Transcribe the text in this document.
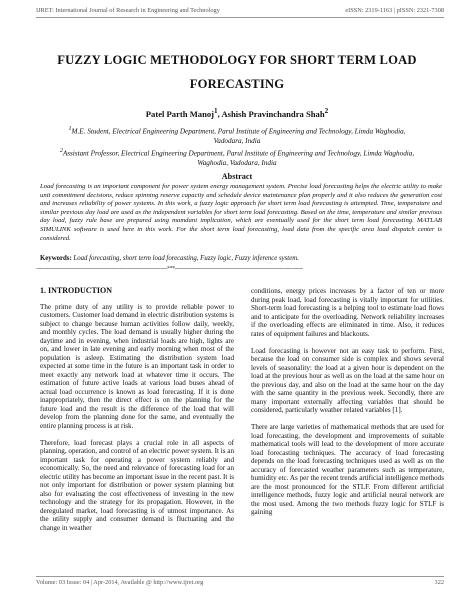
IJRET: International Journal of Research in Engineering and Technology	eISSN: 2319-1163 | pISSN: 2321-7308
FUZZY LOGIC METHODOLOGY FOR SHORT TERM LOAD
FORECASTING
Patel Parth Manoj$^1$, Ashish Pravinchandra Shah$^2$
$^1$M.E. Student, Electrical Engineering Department, Parul Institute of Engineering and Technology, Limda Waghodia,
Vadodara, India
$^2$Assistant Professor, Electrical Engineering Department, Parul Institute of Engineering and Technology, Limda Waghodia,
Waghodia, Vadodara, India
Abstract
Load forecasting is an important component for power system energy management system. Precise load forecasting helps the electric utility to make unit commitment decisions, reduce spinning reserve capacity and schedule device maintenance plan properly and it also reduces the generation cost and increases reliability of power systems. In this work, a fuzzy logic approach for short term load forecasting is attempted. Time, temperature and similar previous day load are used as the independent variables for short term load forecasting. Based on the time, temperature and similar previous day load, fuzzy rule base are prepared using mamdani implication, which are eventually used for the short term load forecasting. MATLAB SIMULINK software is used here in this work. For the short term load forecasting, load data from the specific area load dispatch center is considered.
Keywords: Load forecasting, short term load forecasting, Fuzzy logic, Fuzzy inference system.
----------------------------------------------------------------------------------***--------------------------------------------------------------------------------
1. INTRODUCTION

The prime duty of any utility is to provide reliable power to customers. Customer load demand in electric distribution systems is subject to change because human activities follow daily, weekly, and monthly cycles. The load demand is usually higher during the daytime and in evening, when industrial loads are high, lights are on, and lower in late evening and early morning when most of the population is asleep. Estimating the distribution system load expected at some time in the future is an important task in order to meet exactly any network load at whatever time it occurs. The estimation of future active loads at various load buses ahead of actual load occurrence is known as load forecasting. If it is done inappropriately, then the direct effect is on the planning for the future load and the result is the difference of the load that will develop from the planning done for the same, and eventually the entire planning process is at risk.

Therefore, load forecast plays a crucial role in all aspects of planning, operation, and control of an electric power system. It is an important task for operating a power system reliably and economically. So, the need and relevance of forecasting load for an electric utility has become an important issue in the recent past. It is not only important for distribution or power system planning but also for evaluating the cost effectiveness of investing in the new technology and the strategy for its propagation. However, in the deregulated market, load forecasting is of utmost importance. As the utility supply and consumer demand is fluctuating and the change in weather

conditions, energy prices increases by a factor of ten or more during peak load, load forecasting is vitally important for utilities. Short-term load forecasting is a helping tool to estimate load flows and to anticipate for the overloading. Network reliability increases if the overloading effects are eliminated in time. Also, it reduces rates of equipment failures and blackouts.

Load forecasting is however not an easy task to perform. First, because the load on consumer side is complex and shows several levels of seasonality: the load at a given hour is dependent on the load at the previous hour as well as on the load at the same hour on the previous day, and also on the load at the same hour on the day with the same quantity in the previous week. Secondly, there are many important externally affecting variables that should be considered, particularly weather related variables [1].

There are large varieties of mathematical methods that are used for load forecasting, the development and improvements of suitable mathematical tools will lead to the development of more accurate load forecasting techniques. The accuracy of load forecasting depends on the load forecasting techniques used as well as on the accuracy of forecasted weather parameters such as temperature, humidity etc. As per the recent trends artificial intelligence methods are the most pronounced for the STLF. From different artificial intelligence methods, fuzzy logic and artificial neural network are the most used. Among the two methods fuzzy logic for STLF is gaining

Volume: 03 Issue: 04 | Apr-2014, Available @ http://www.ijret.org	322
